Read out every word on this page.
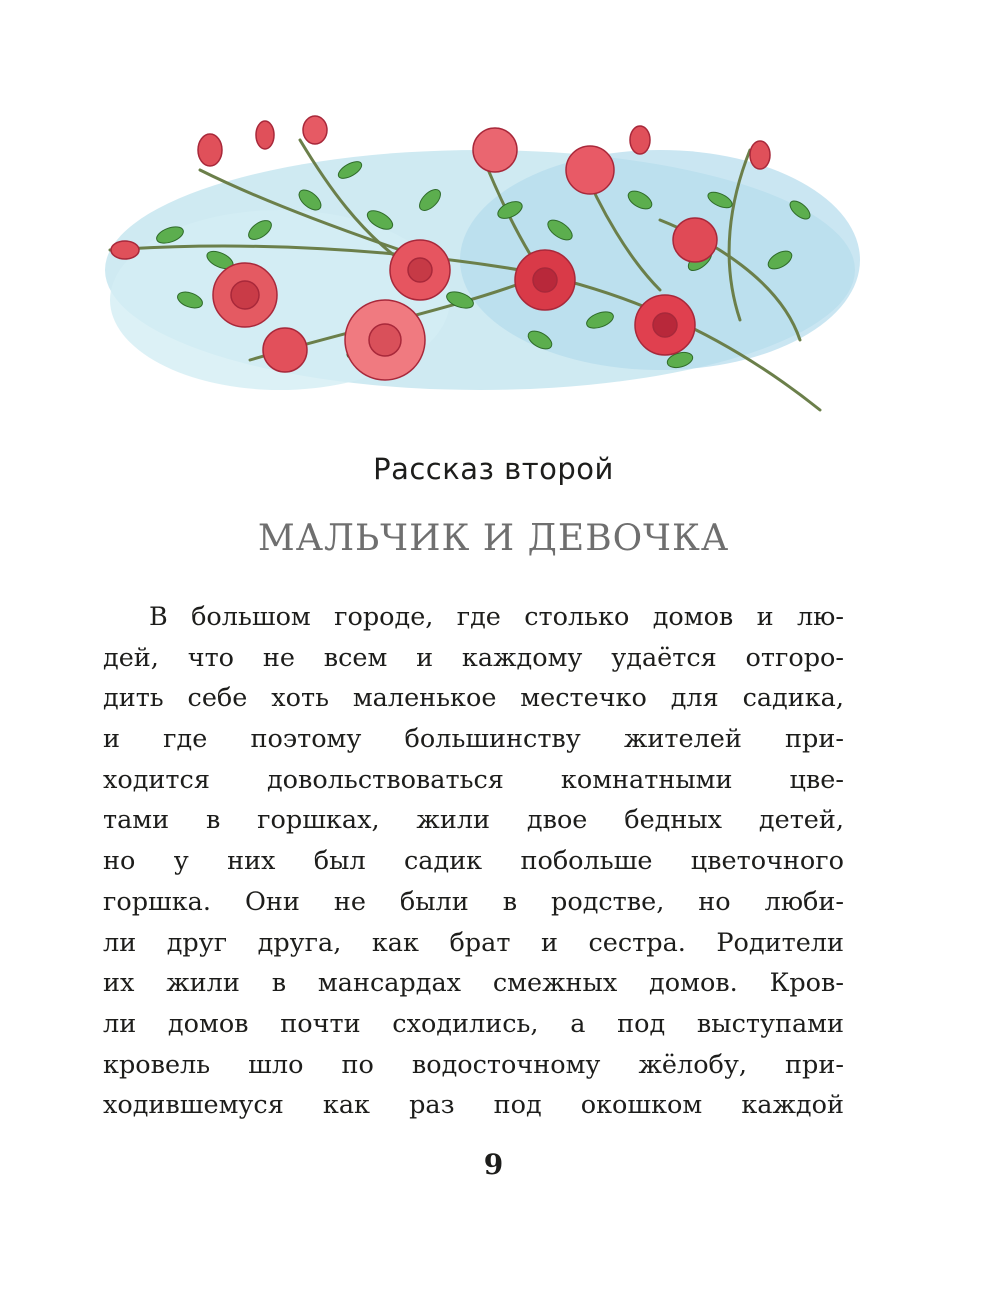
Рассказ второй
МАЛЬЧИК И ДЕВОЧКА
В большом городе, где столько домов и лю-
дей, что не всем и каждому удаётся отгоро-
дить себе хоть маленькое местечко для садика,
и где поэтому большинству жителей при-
ходится довольствоваться комнатными цве-
тами в горшках, жили двое бедных детей,
но у них был садик побольше цветочного
горшка. Они не были в родстве, но люби-
ли друг друга, как брат и сестра. Родители
их жили в мансардах смежных домов. Кров-
ли домов почти сходились, а под выступами
кровель шло по водосточному жёлобу, при-
ходившемуся как раз под окошком каждой
9
